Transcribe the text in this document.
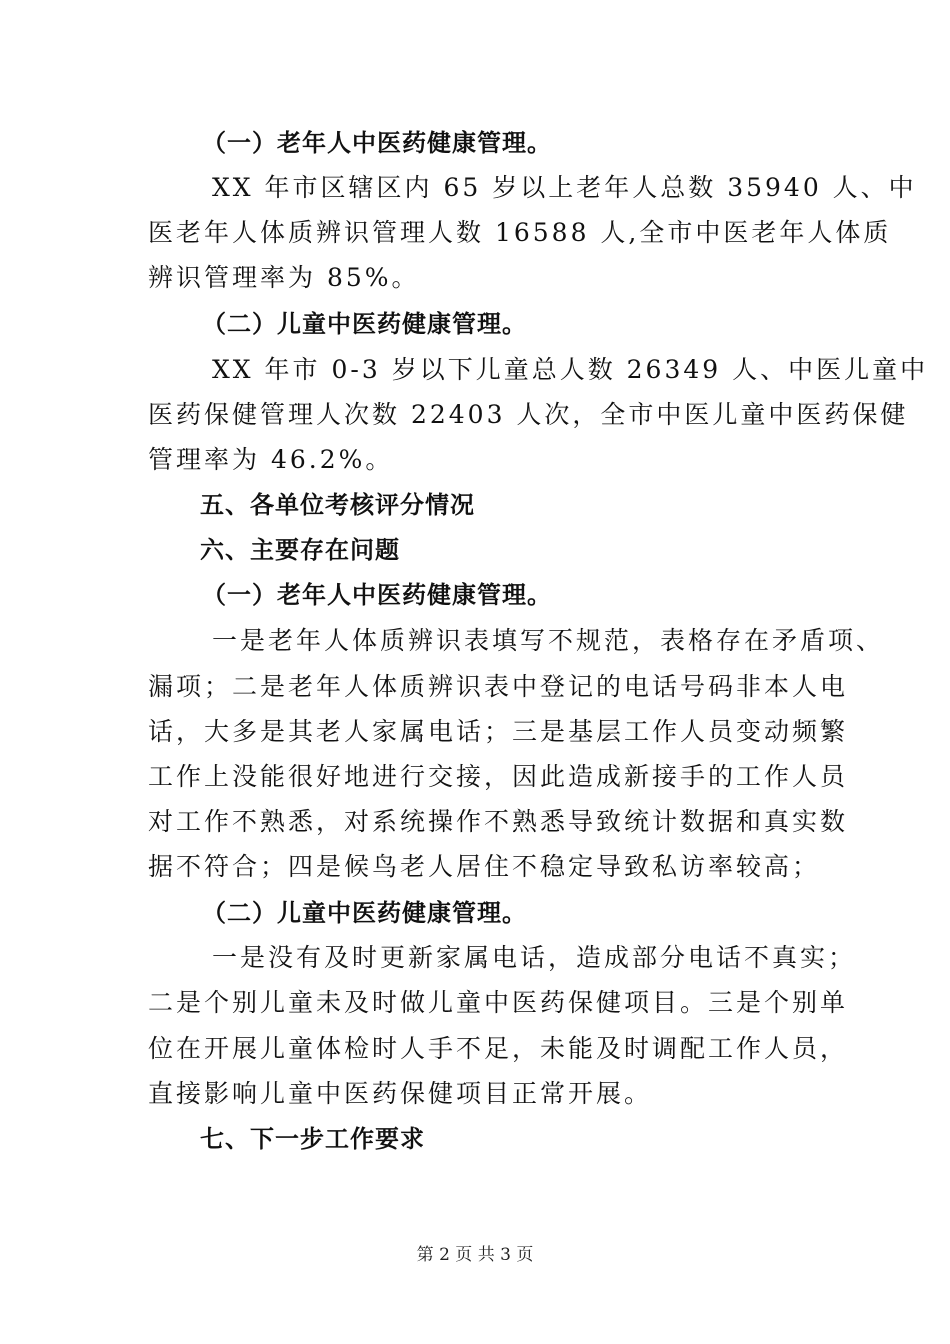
（一）老年人中医药健康管理。
XX 年市区辖区内 65 岁以上老年人总数 35940 人、中
医老年人体质辨识管理人数 16588 人,全市中医老年人体质
辨识管理率为 85%。
（二）儿童中医药健康管理。
XX 年市 0-3 岁以下儿童总人数 26349 人、中医儿童中
医药保健管理人次数 22403 人次，全市中医儿童中医药保健
管理率为 46.2%。
五、各单位考核评分情况
六、主要存在问题
（一）老年人中医药健康管理。
一是老年人体质辨识表填写不规范，表格存在矛盾项、
漏项；二是老年人体质辨识表中登记的电话号码非本人电
话，大多是其老人家属电话；三是基层工作人员变动频繁
工作上没能很好地进行交接，因此造成新接手的工作人员
对工作不熟悉，对系统操作不熟悉导致统计数据和真实数
据不符合；四是候鸟老人居住不稳定导致私访率较高；
（二）儿童中医药健康管理。
一是没有及时更新家属电话，造成部分电话不真实；
二是个别儿童未及时做儿童中医药保健项目。三是个别单
位在开展儿童体检时人手不足，未能及时调配工作人员，
直接影响儿童中医药保健项目正常开展。
七、下一步工作要求
第 2 页 共 3 页
